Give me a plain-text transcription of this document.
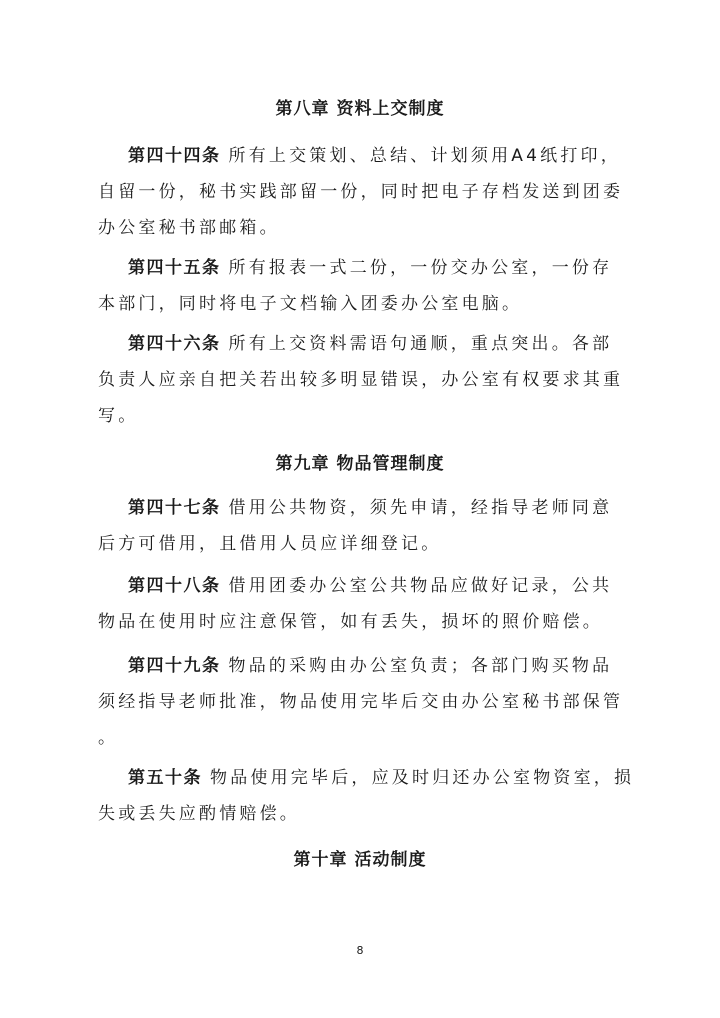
第八章 资料上交制度
第四十四条 所有上交策划、总结、计划须用A4纸打印，
自留一份，秘书实践部留一份，同时把电子存档发送到团委
办公室秘书部邮箱。
第四十五条 所有报表一式二份，一份交办公室，一份存
本部门，同时将电子文档输入团委办公室电脑。
第四十六条 所有上交资料需语句通顺，重点突出。各部
负责人应亲自把关若出较多明显错误，办公室有权要求其重
写。
第九章 物品管理制度
第四十七条 借用公共物资，须先申请，经指导老师同意
后方可借用，且借用人员应详细登记。
第四十八条 借用团委办公室公共物品应做好记录，公共
物品在使用时应注意保管，如有丢失，损坏的照价赔偿。
第四十九条 物品的采购由办公室负责；各部门购买物品
须经指导老师批准，物品使用完毕后交由办公室秘书部保管
。
第五十条 物品使用完毕后，应及时归还办公室物资室，损
失或丢失应酌情赔偿。
第十章 活动制度
8
